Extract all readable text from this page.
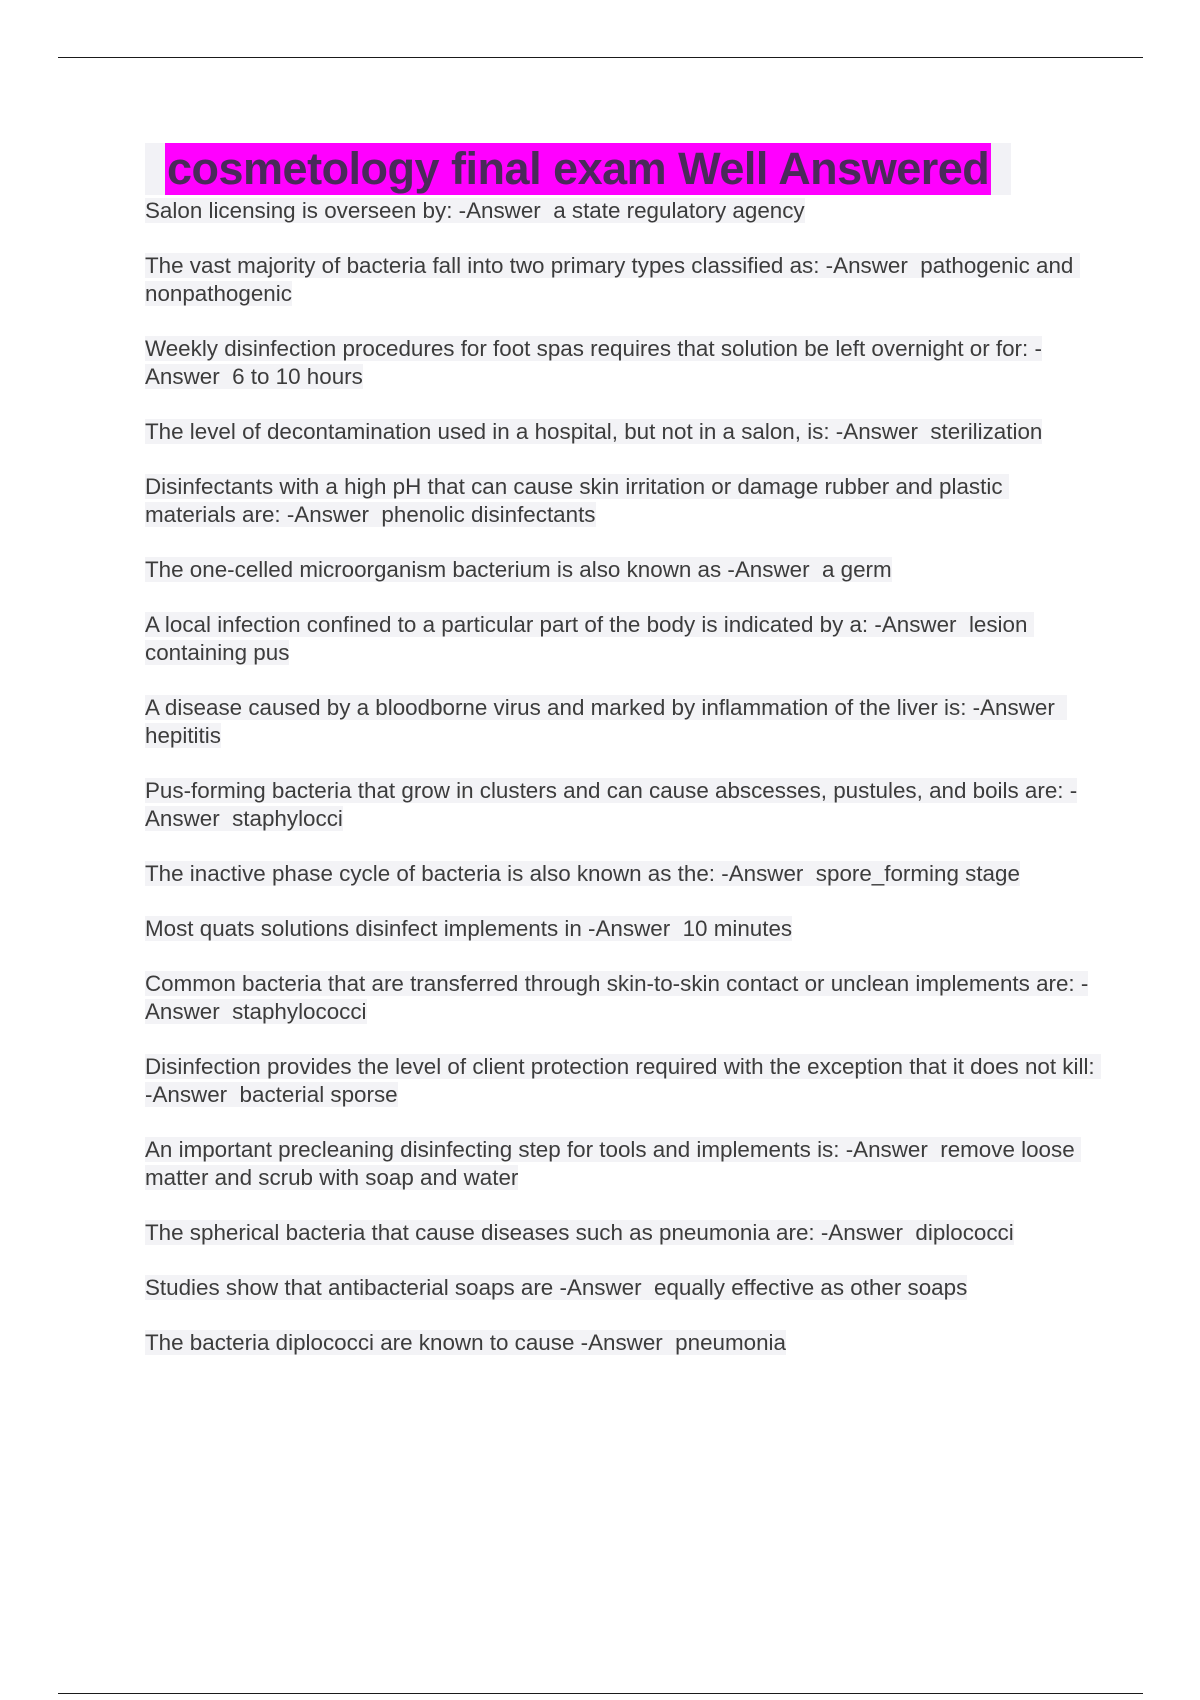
cosmetology final exam Well Answered

Salon licensing is overseen by: -Answer  a state regulatory agency

The vast majority of bacteria fall into two primary types classified as: -Answer  pathogenic and nonpathogenic

Weekly disinfection procedures for foot spas requires that solution be left overnight or for: -Answer  6 to 10 hours

The level of decontamination used in a hospital, but not in a salon, is: -Answer  sterilization

Disinfectants with a high pH that can cause skin irritation or damage rubber and plastic materials are: -Answer  phenolic disinfectants

The one-celled microorganism bacterium is also known as -Answer  a germ

A local infection confined to a particular part of the body is indicated by a: -Answer  lesion containing pus

A disease caused by a bloodborne virus and marked by inflammation of the liver is: -Answer  hepititis

Pus-forming bacteria that grow in clusters and can cause abscesses, pustules, and boils are: -Answer  staphylocci

The inactive phase cycle of bacteria is also known as the: -Answer  spore_forming stage

Most quats solutions disinfect implements in -Answer  10 minutes

Common bacteria that are transferred through skin-to-skin contact or unclean implements are: -Answer  staphylococci

Disinfection provides the level of client protection required with the exception that it does not kill: -Answer  bacterial sporse

An important precleaning disinfecting step for tools and implements is: -Answer  remove loose matter and scrub with soap and water

The spherical bacteria that cause diseases such as pneumonia are: -Answer  diplococci

Studies show that antibacterial soaps are -Answer  equally effective as other soaps

The bacteria diplococci are known to cause -Answer  pneumonia
